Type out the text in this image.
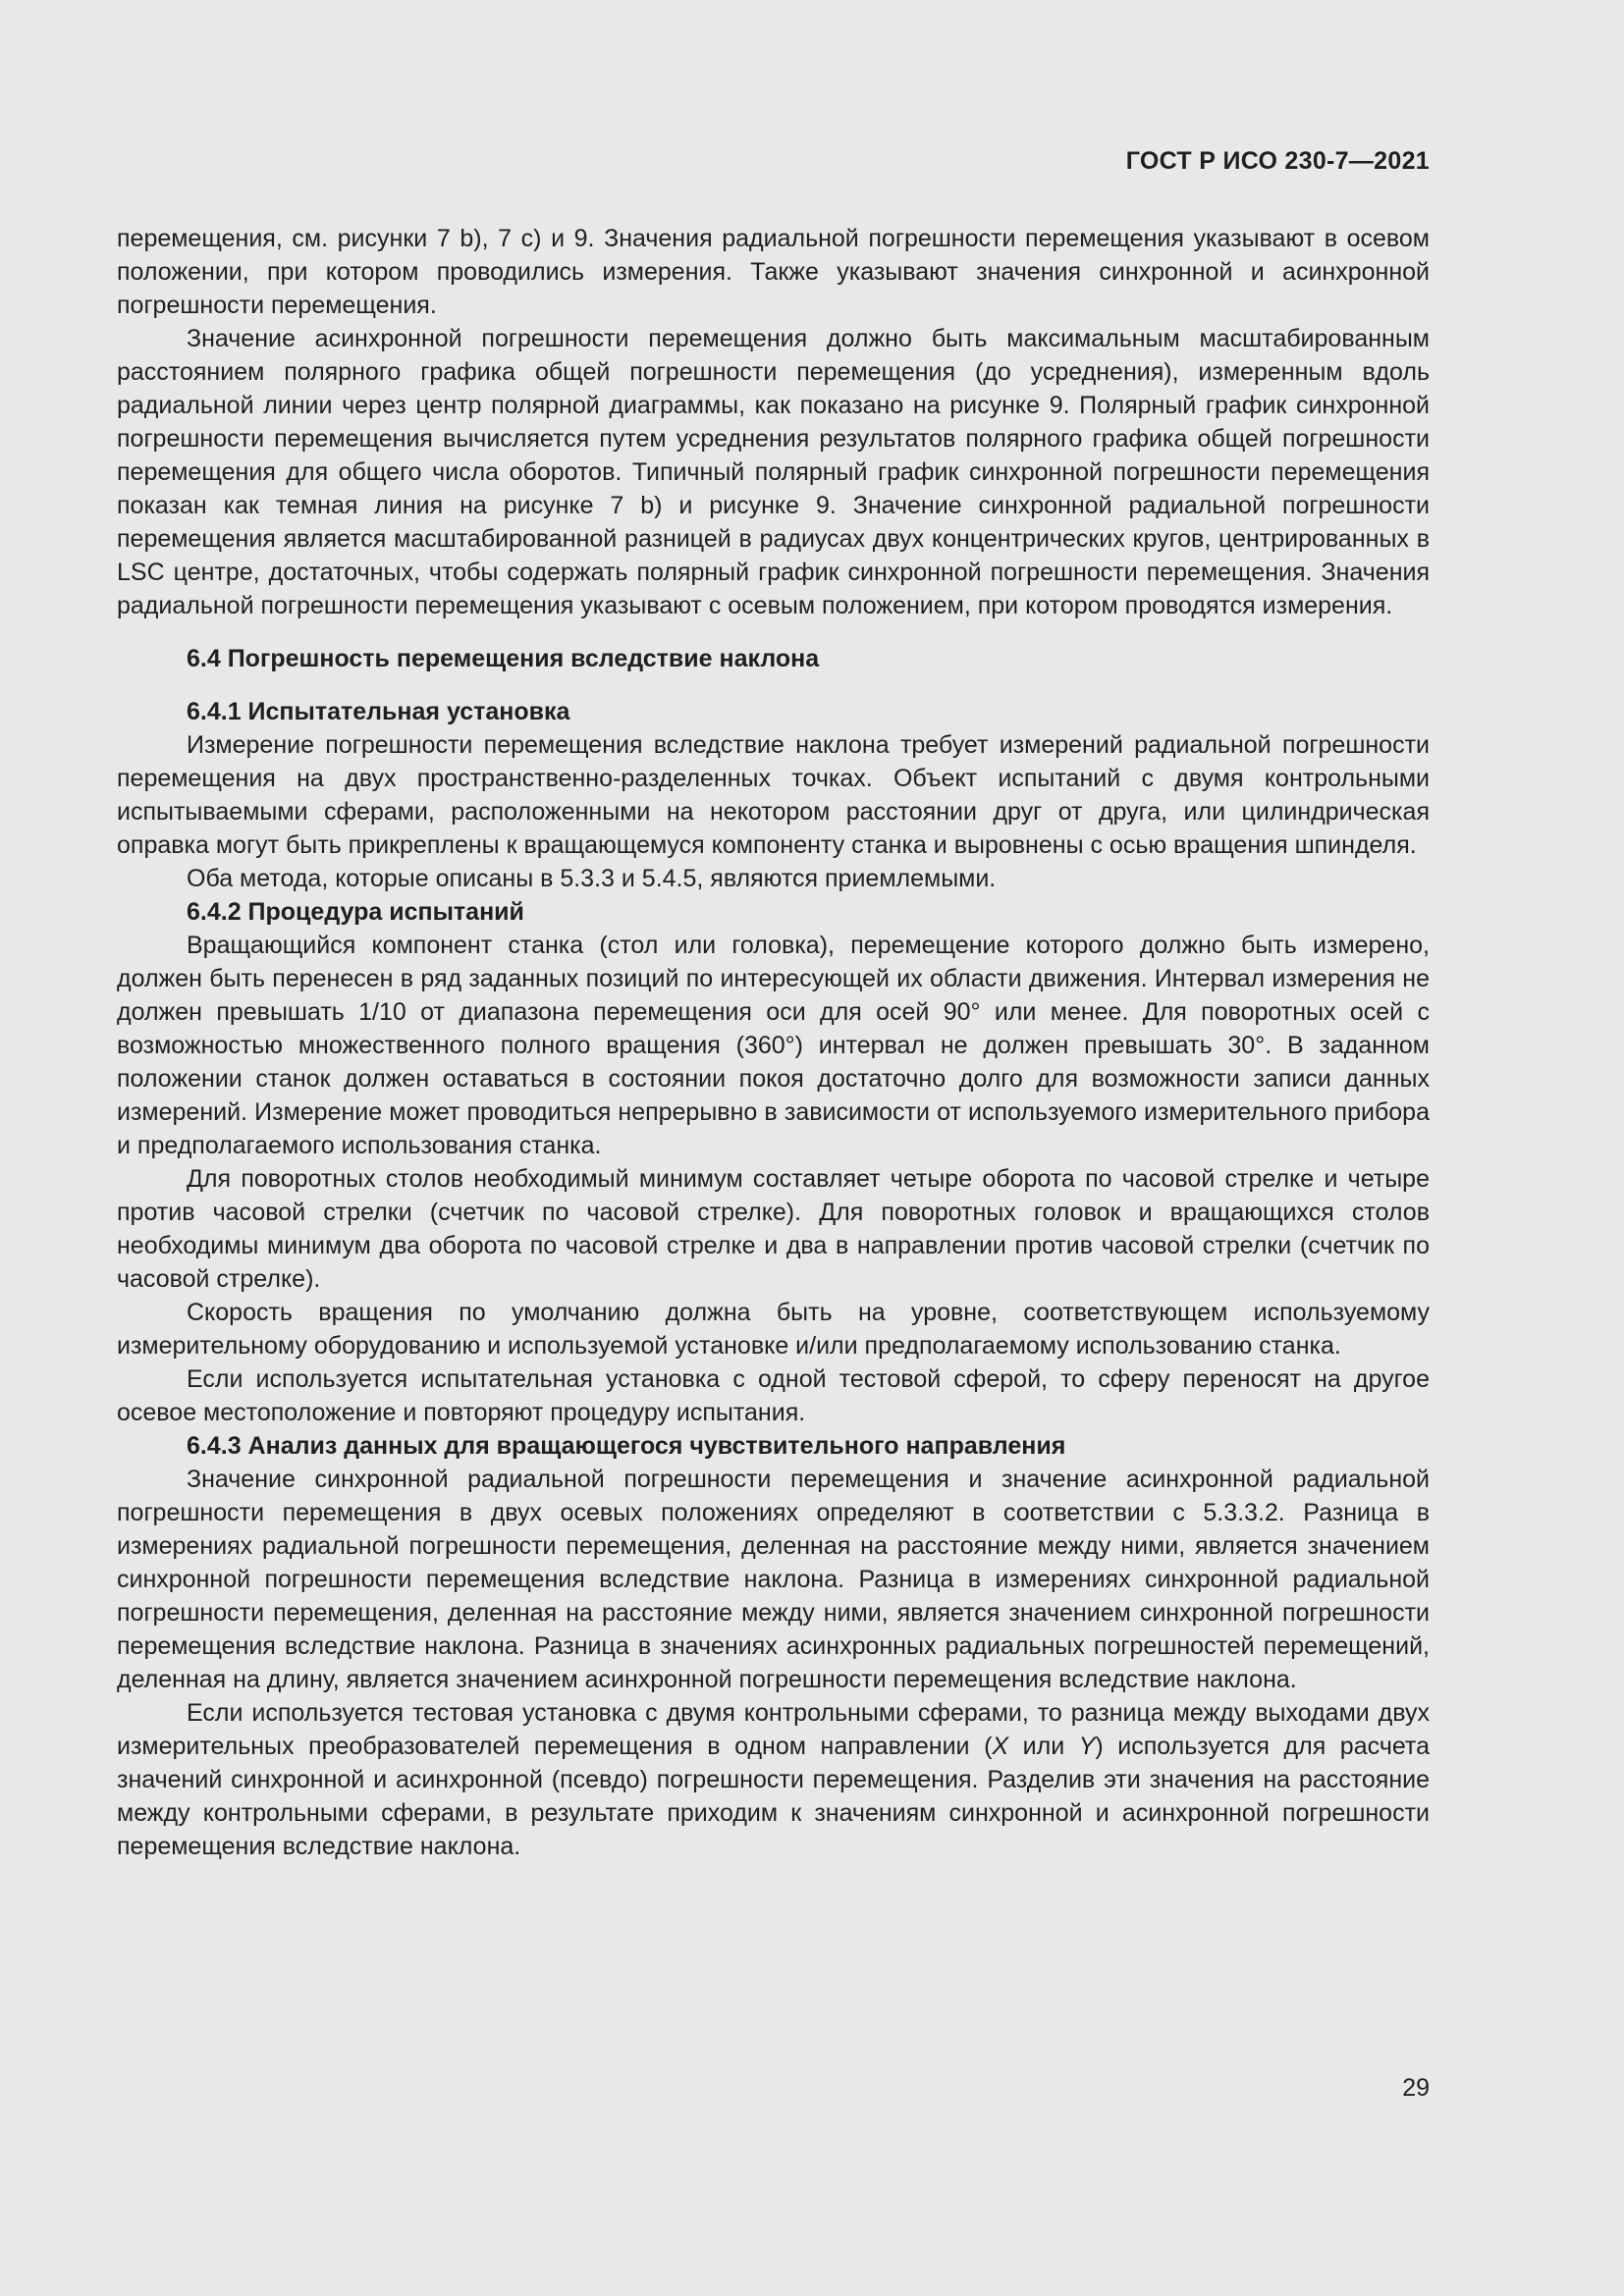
ГОСТ Р ИСО 230-7—2021

перемещения, см. рисунки 7 b), 7 с) и 9. Значения радиальной погрешности перемещения указывают в осевом положении, при котором проводились измерения. Также указывают значения синхронной и асинхронной погрешности перемещения.

Значение асинхронной погрешности перемещения должно быть максимальным масштабированным расстоянием полярного графика общей погрешности перемещения (до усреднения), измеренным вдоль радиальной линии через центр полярной диаграммы, как показано на рисунке 9. Полярный график синхронной погрешности перемещения вычисляется путем усреднения результатов полярного графика общей погрешности перемещения для общего числа оборотов. Типичный полярный график синхронной погрешности перемещения показан как темная линия на рисунке 7 b) и рисунке 9. Значение синхронной радиальной погрешности перемещения является масштабированной разницей в радиусах двух концентрических кругов, центрированных в LSC центре, достаточных, чтобы содержать полярный график синхронной погрешности перемещения. Значения радиальной погрешности перемещения указывают с осевым положением, при котором проводятся измерения.

6.4 Погрешность перемещения вследствие наклона
6.4.1 Испытательная установка

Измерение погрешности перемещения вследствие наклона требует измерений радиальной погрешности перемещения на двух пространственно-разделенных точках. Объект испытаний с двумя контрольными испытываемыми сферами, расположенными на некотором расстоянии друг от друга, или цилиндрическая оправка могут быть прикреплены к вращающемуся компоненту станка и выровнены с осью вращения шпинделя.

Оба метода, которые описаны в 5.3.3 и 5.4.5, являются приемлемыми.

6.4.2 Процедура испытаний

Вращающийся компонент станка (стол или головка), перемещение которого должно быть измерено, должен быть перенесен в ряд заданных позиций по интересующей их области движения. Интервал измерения не должен превышать 1/10 от диапазона перемещения оси для осей 90° или менее. Для поворотных осей с возможностью множественного полного вращения (360°) интервал не должен превышать 30°. В заданном положении станок должен оставаться в состоянии покоя достаточно долго для возможности записи данных измерений. Измерение может проводиться непрерывно в зависимости от используемого измерительного прибора и предполагаемого использования станка.

Для поворотных столов необходимый минимум составляет четыре оборота по часовой стрелке и четыре против часовой стрелки (счетчик по часовой стрелке). Для поворотных головок и вращающихся столов необходимы минимум два оборота по часовой стрелке и два в направлении против часовой стрелки (счетчик по часовой стрелке).

Скорость вращения по умолчанию должна быть на уровне, соответствующем используемому измерительному оборудованию и используемой установке и/или предполагаемому использованию станка.

Если используется испытательная установка с одной тестовой сферой, то сферу переносят на другое осевое местоположение и повторяют процедуру испытания.

6.4.3 Анализ данных для вращающегося чувствительного направления

Значение синхронной радиальной погрешности перемещения и значение асинхронной радиальной погрешности перемещения в двух осевых положениях определяют в соответствии с 5.3.3.2. Разница в измерениях радиальной погрешности перемещения, деленная на расстояние между ними, является значением синхронной погрешности перемещения вследствие наклона. Разница в измерениях синхронной радиальной погрешности перемещения, деленная на расстояние между ними, является значением синхронной погрешности перемещения вследствие наклона. Разница в значениях асинхронных радиальных погрешностей перемещений, деленная на длину, является значением асинхронной погрешности перемещения вследствие наклона.

Если используется тестовая установка с двумя контрольными сферами, то разница между выходами двух измерительных преобразователей перемещения в одном направлении (X или Y) используется для расчета значений синхронной и асинхронной (псевдо) погрешности перемещения. Разделив эти значения на расстояние между контрольными сферами, в результате приходим к значениям синхронной и асинхронной погрешности перемещения вследствие наклона.

29
